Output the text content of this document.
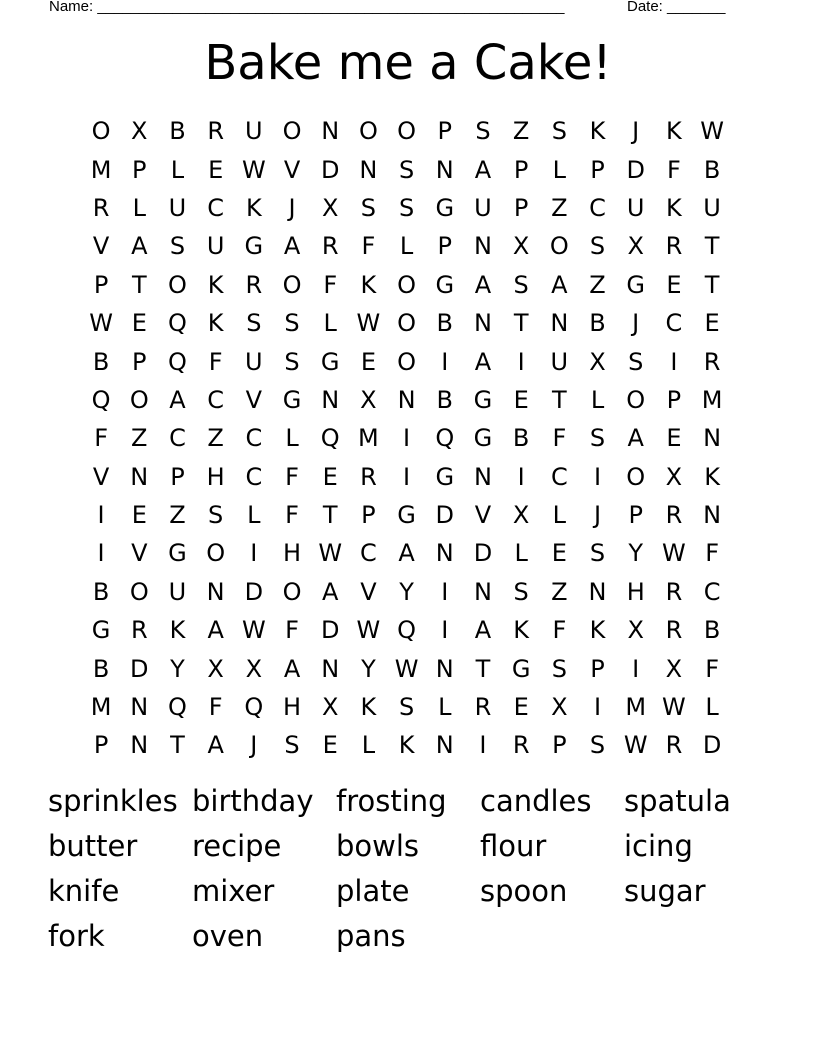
Name: ________________________________________________________	Date: _______
Bake me a Cake!
O X B R U O N O O P S Z S K	J	K W
M P	L E W V D N S N A P	L	P D F B
R L U C K	J	X S S G U P Z C U K U
V A S U G A R F	L	P N X O S X R T
P T O K R O F K O G A S A Z G E T
W E Q K S S L W O B N T N B	J	C E
B P Q F U S G E O	I	A	I	U X S	I	R
Q O A C V G N X N B G E T	L O P M
F Z C Z C L Q M	I	Q G B F S A E N
V N P H C F E R	I	G N	I	C	I	O X K
I	E Z S L	F T P G D V X L	J	P R N
I	V G O	I	H W C A N D L E S Y W F
B O U N D O A V Y	I	N S Z N H R C
G R K A W F D W Q	I	A K F K X R B
B D Y X X A N Y W N T G S P	I	X F
M N Q F Q H X K S L R E X	I	M W L
P N T A	J	S E L K N	I	R P S W R D
sprinkles birthday frosting	candles	spatula
butter	recipe	bowls	flour	icing
knife	mixer	plate	spoon	sugar
fork	oven	pans
